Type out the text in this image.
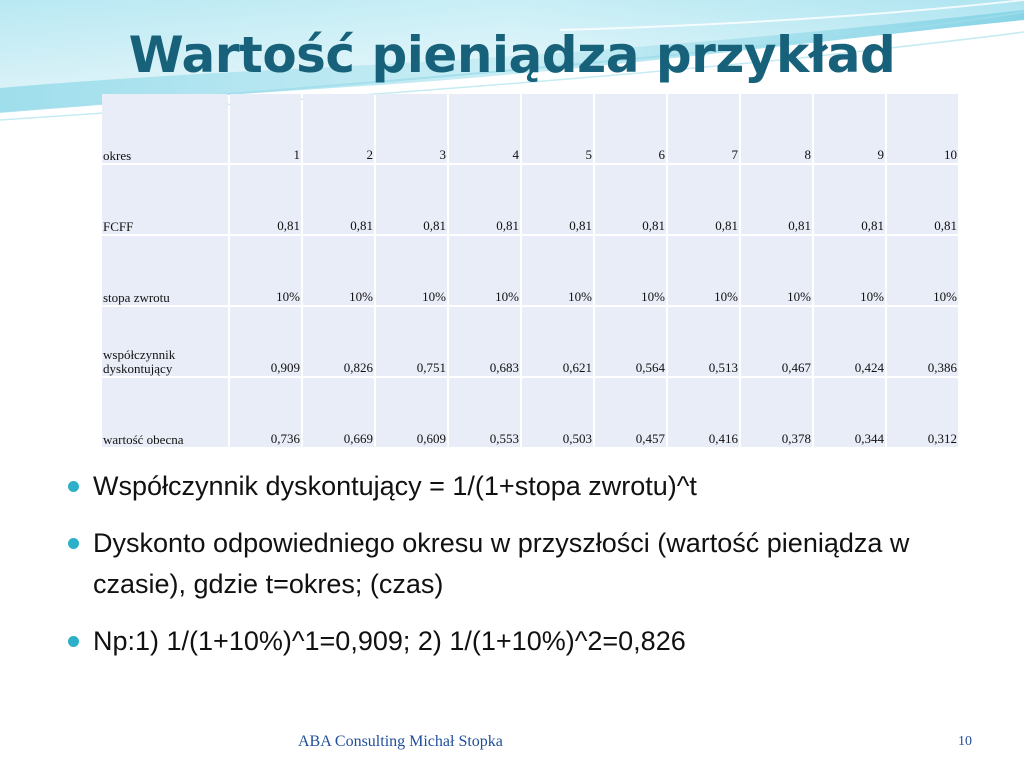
Wartość pieniądza przykład
okres	1	2	3	4	5	6	7	8	9	10
FCFF	0,81	0,81	0,81	0,81	0,81	0,81	0,81	0,81	0,81	0,81
stopa zwrotu	10%	10%	10%	10%	10%	10%	10%	10%	10%	10%
współczynnik dyskontujący	0,909	0,826	0,751	0,683	0,621	0,564	0,513	0,467	0,424	0,386
wartość obecna	0,736	0,669	0,609	0,553	0,503	0,457	0,416	0,378	0,344	0,312
Współczynnik dyskontujący = 1/(1+stopa zwrotu)^t
Dyskonto odpowiedniego okresu w przyszłości (wartość pieniądza w czasie), gdzie t=okres; (czas)
Np:1) 1/(1+10%)^1=0,909; 2) 1/(1+10%)^2=0,826
ABA Consulting Michał Stopka	10
